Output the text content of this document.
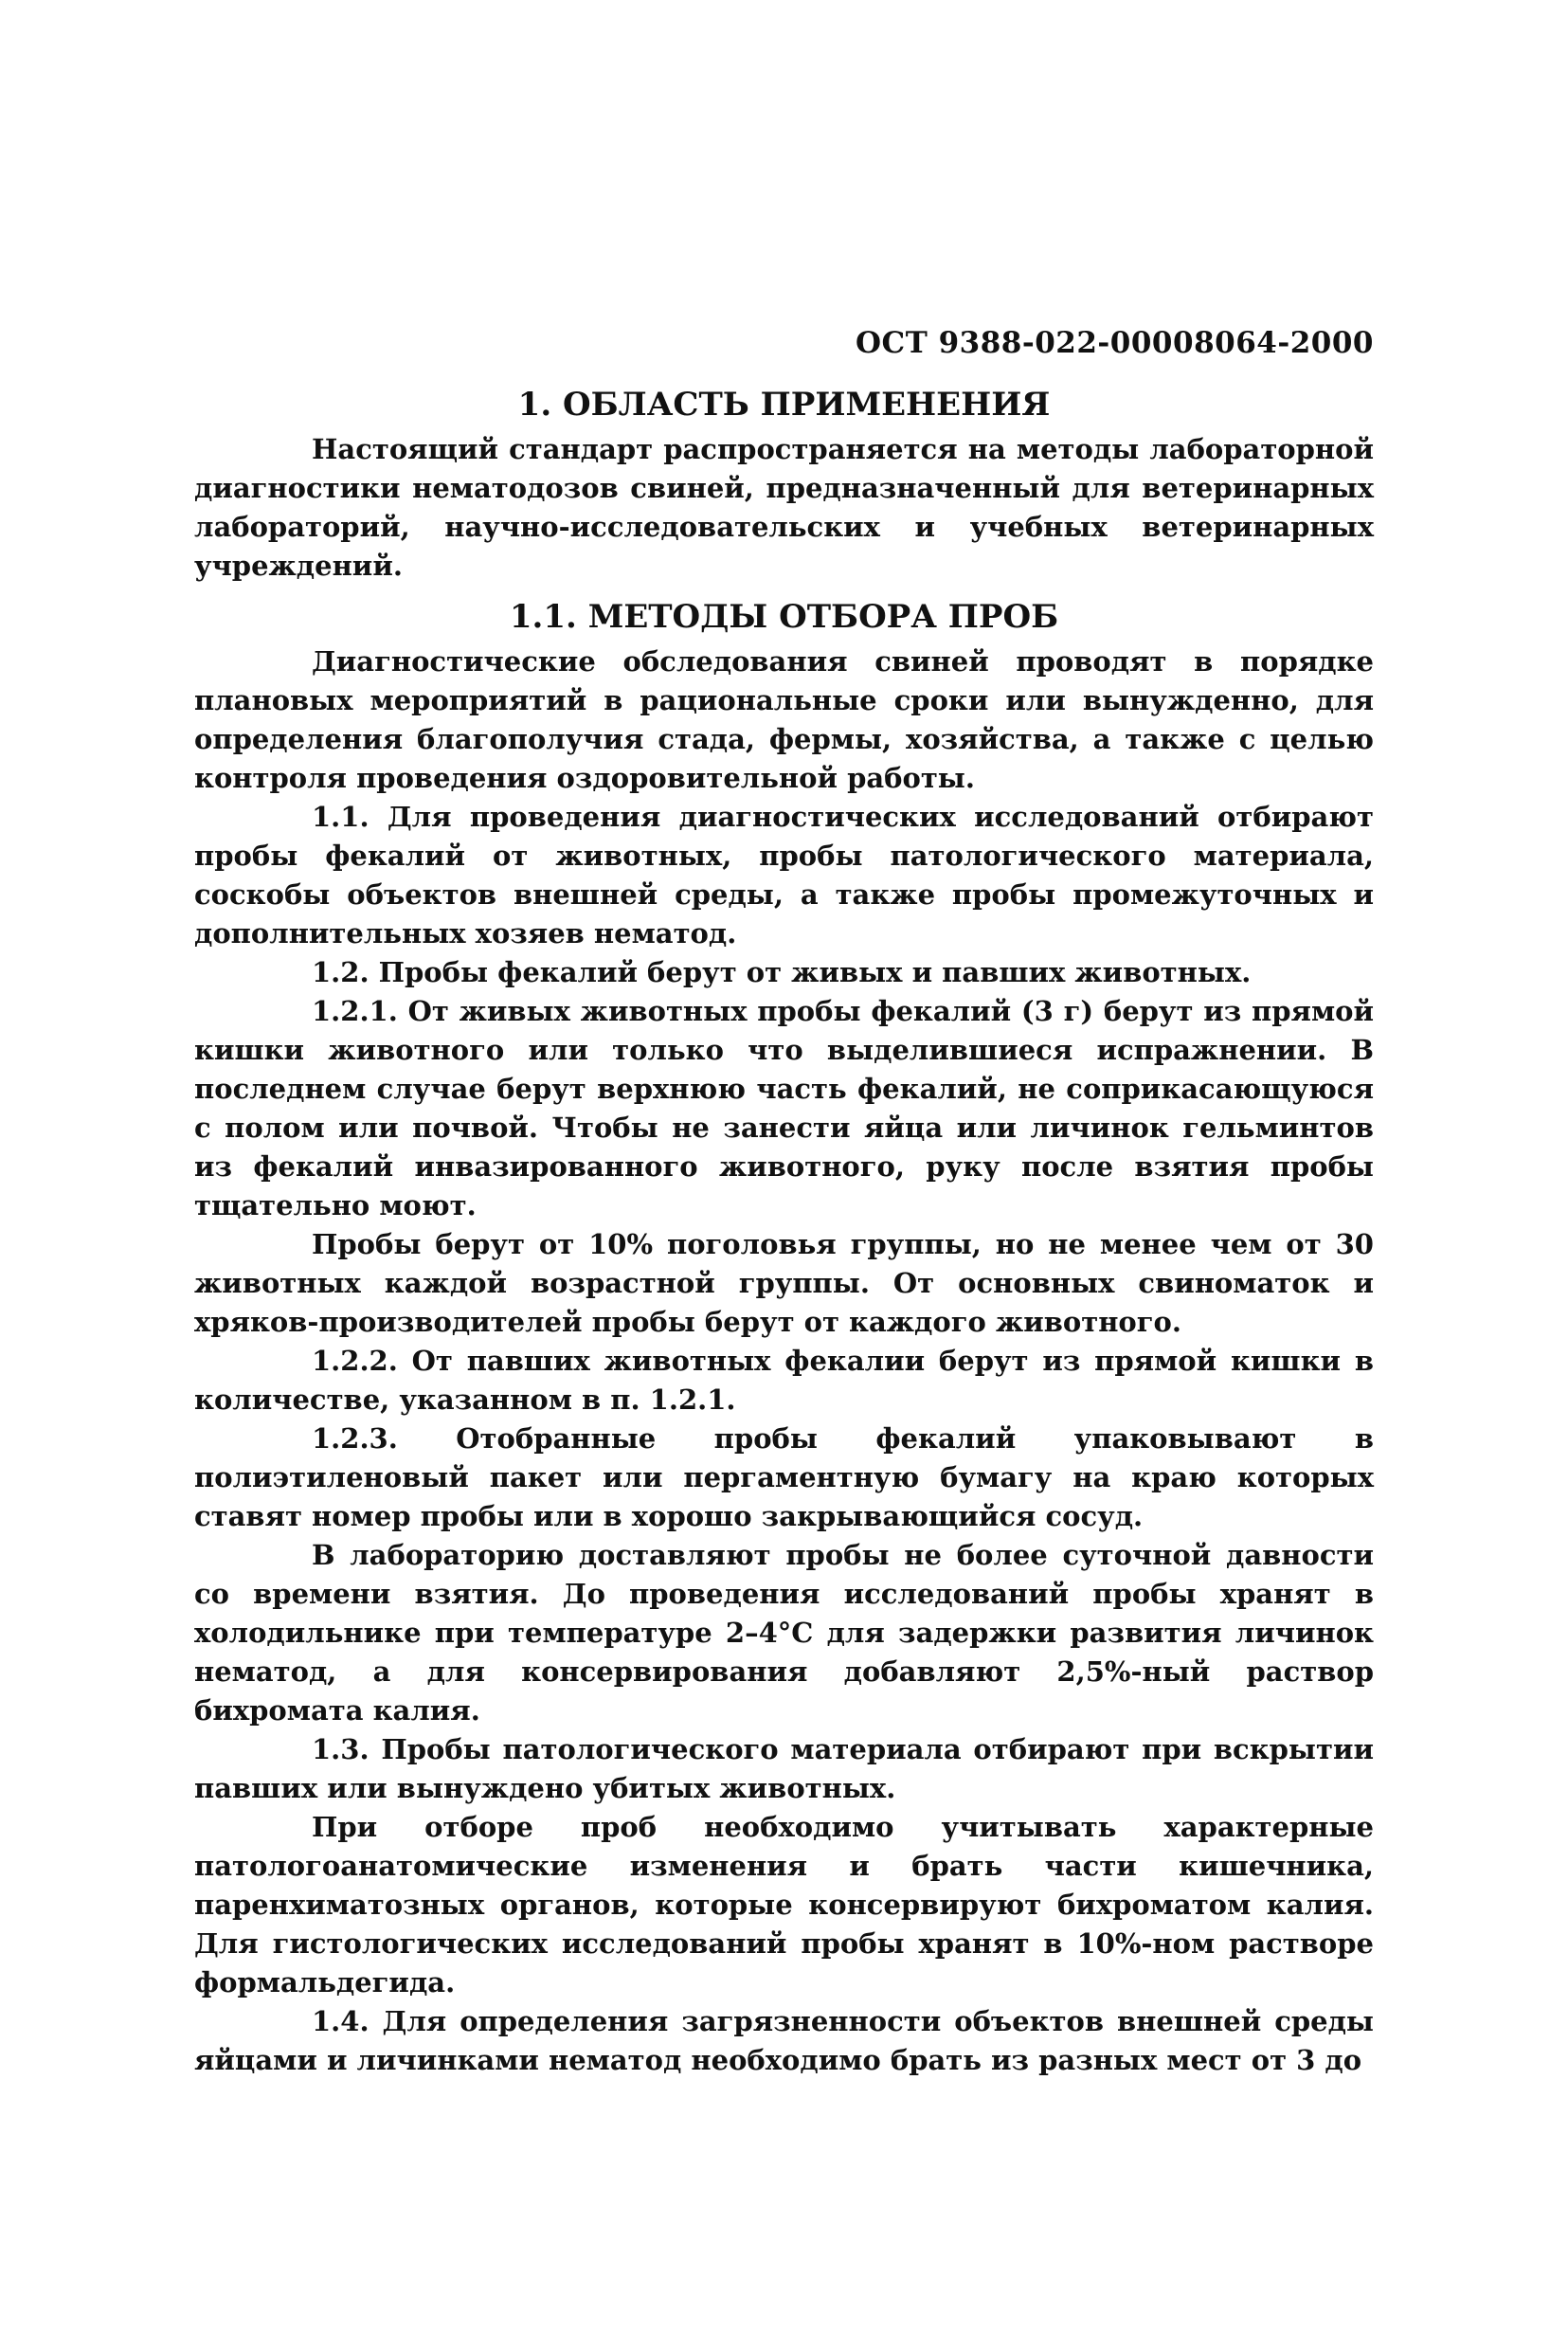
ОСТ 9388-022-00008064-2000
1. ОБЛАСТЬ ПРИМЕНЕНИЯ

Настоящий стандарт распространяется на методы лабораторной диагностики нематодозов свиней, предназначенный для ветеринарных лабораторий, научно-исследовательских и учебных ветеринарных учреждений.

1.1. МЕТОДЫ ОТБОРА ПРОБ

Диагностические обследования свиней проводят в порядке плановых мероприятий в рациональные сроки или вынужденно, для определения благополучия стада, фермы, хозяйства, а также с целью контроля проведения оздоровительной работы.

1.1. Для проведения диагностических исследований отбирают пробы фекалий от животных, пробы патологического материала, соскобы объектов внешней среды, а также пробы промежуточных и дополнительных хозяев нематод.

1.2. Пробы фекалий берут от живых и павших животных.

1.2.1. От живых животных пробы фекалий (3 г) берут из прямой кишки животного или только что выделившиеся испражнении. В последнем случае берут верхнюю часть фекалий, не соприкасающуюся с полом или почвой. Чтобы не занести яйца или личинок гельминтов из фекалий инвазированного животного, руку после взятия пробы тщательно моют.

Пробы берут от 10% поголовья группы, но не менее чем от 30 животных каждой возрастной группы. От основных свиноматок и хряков-производителей пробы берут от каждого животного.

1.2.2. От павших животных фекалии берут из прямой кишки в количестве, указанном в п. 1.2.1.

1.2.3. Отобранные пробы фекалий упаковывают в полиэтиленовый пакет или пергаментную бумагу на краю которых ставят номер пробы или в хорошо закрывающийся сосуд.

В лабораторию доставляют пробы не более суточной давности со времени взятия. До проведения исследований пробы хранят в холодильнике при температуре 2–4°С для задержки развития личинок нематод, а для консервирования добавляют 2,5%-ный раствор бихромата калия.

1.3. Пробы патологического материала отбирают при вскрытии павших или вынуждено убитых животных.

При отборе проб необходимо учитывать характерные патологоанатомические изменения и брать части кишечника, паренхиматозных органов, которые консервируют бихроматом калия. Для гистологических исследований пробы хранят в 10%-ном растворе формальдегида.

1.4. Для определения загрязненности объектов внешней среды яйцами и личинками нематод необходимо брать из разных мест от 3 до
